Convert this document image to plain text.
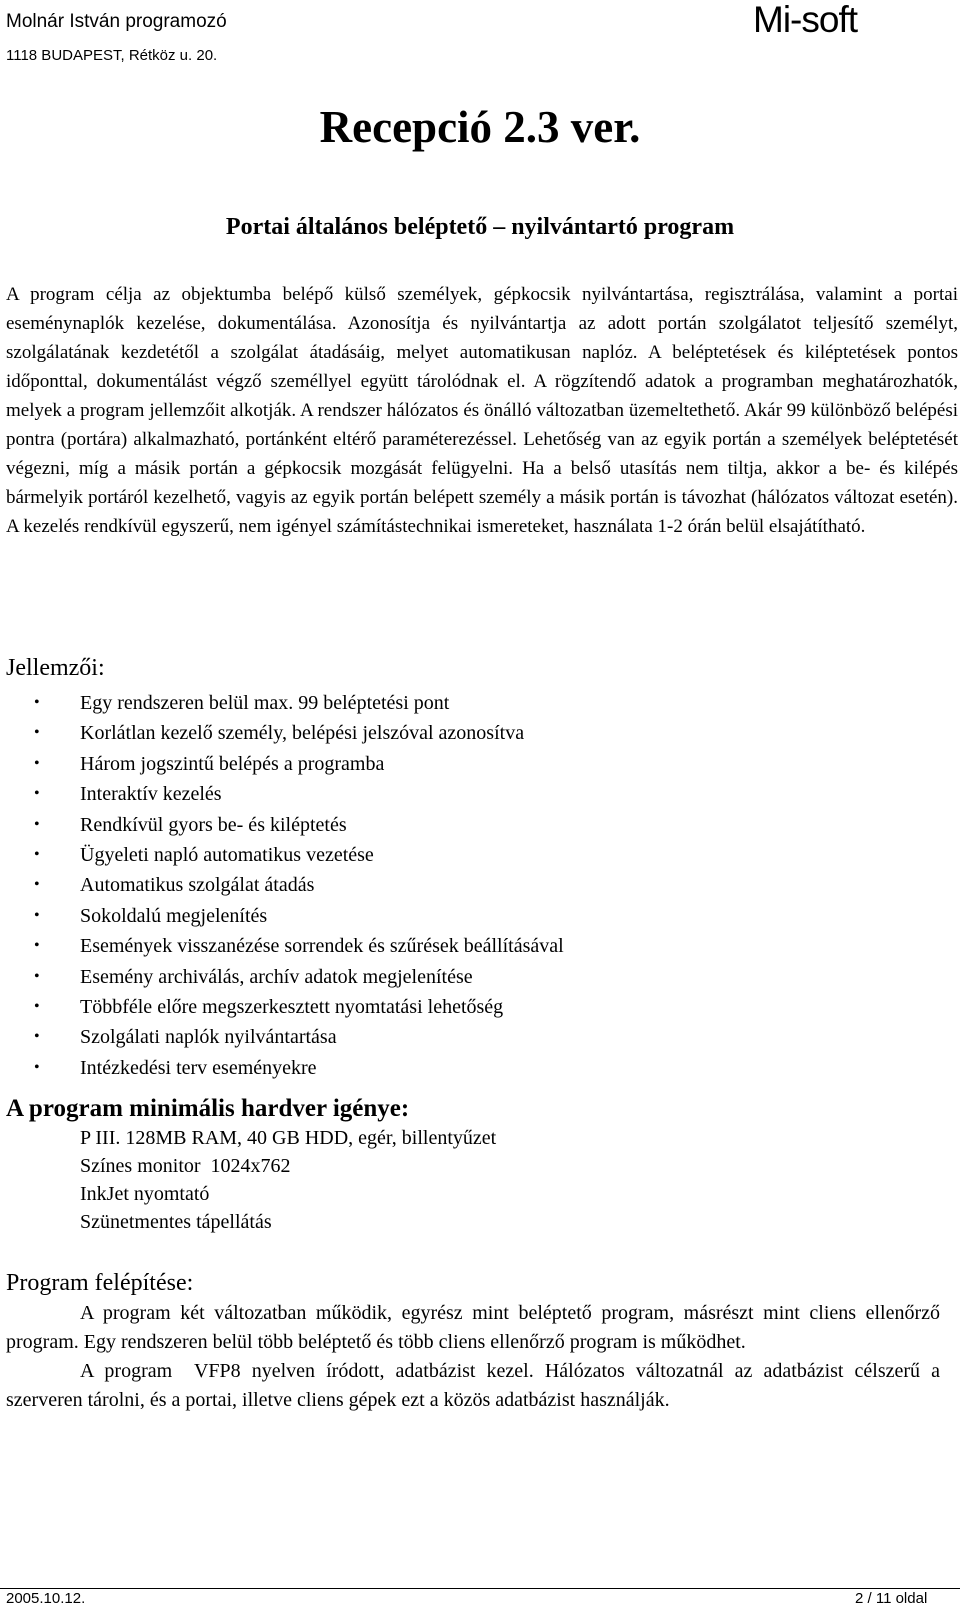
Molnár István programozó
1118 BUDAPEST, Rétköz u. 20.
Mi-soft
Recepció 2.3 ver.
Portai általános beléptető – nyilvántartó program

A program célja az objektumba belépő külső személyek, gépkocsik nyilvántartása, regisztrálása, valamint a portai eseménynaplók kezelése, dokumentálása. Azonosítja és nyilvántartja az adott portán szolgálatot teljesítő személyt, szolgálatának kezdetétől a szolgálat átadásáig, melyet automatikusan naplóz. A beléptetések és kiléptetések pontos időponttal, dokumentálást végző személlyel együtt tárolódnak el. A rögzítendő adatok a programban meghatározhatók, melyek a program jellemzőit alkotják. A rendszer hálózatos és önálló változatban üzemeltethető. Akár 99 különböző belépési pontra (portára) alkalmazható, portánként eltérő paraméterezéssel. Lehetőség van az egyik portán a személyek beléptetését végezni, míg a másik portán a gépkocsik mozgását felügyelni. Ha a belső utasítás nem tiltja, akkor a be- és kilépés bármelyik portáról kezelhető, vagyis az egyik portán belépett személy a másik portán is távozhat (hálózatos változat esetén). A kezelés rendkívül egyszerű, nem igényel számítástechnikai ismereteket, használata 1-2 órán belül elsajátítható.

Jellemzői:
• Egy rendszeren belül max. 99 beléptetési pont
• Korlátlan kezelő személy, belépési jelszóval azonosítva
• Három jogszintű belépés a programba
• Interaktív kezelés
• Rendkívül gyors be- és kiléptetés
• Ügyeleti napló automatikus vezetése
• Automatikus szolgálat átadás
• Sokoldalú megjelenítés
• Események visszanézése sorrendek és szűrések beállításával
• Esemény archiválás, archív adatok megjelenítése
• Többféle előre megszerkesztett nyomtatási lehetőség
• Szolgálati naplók nyilvántartása
• Intézkedési terv eseményekre
A program minimális hardver igénye:
P III. 128MB RAM, 40 GB HDD, egér, billentyűzet
Színes monitor  1024x762
InkJet nyomtató
Szünetmentes tápellátás
Program felépítése:

A program két változatban működik, egyrész mint beléptető program, másrészt mint cliens ellenőrző program. Egy rendszeren belül több beléptető és több cliens ellenőrző program is működhet.

A program  VFP8 nyelven íródott, adatbázist kezel. Hálózatos változatnál az adatbázist célszerű a szerveren tárolni, és a portai, illetve cliens gépek ezt a közös adatbázist használják.

2005.10.12.	2 / 11 oldal
